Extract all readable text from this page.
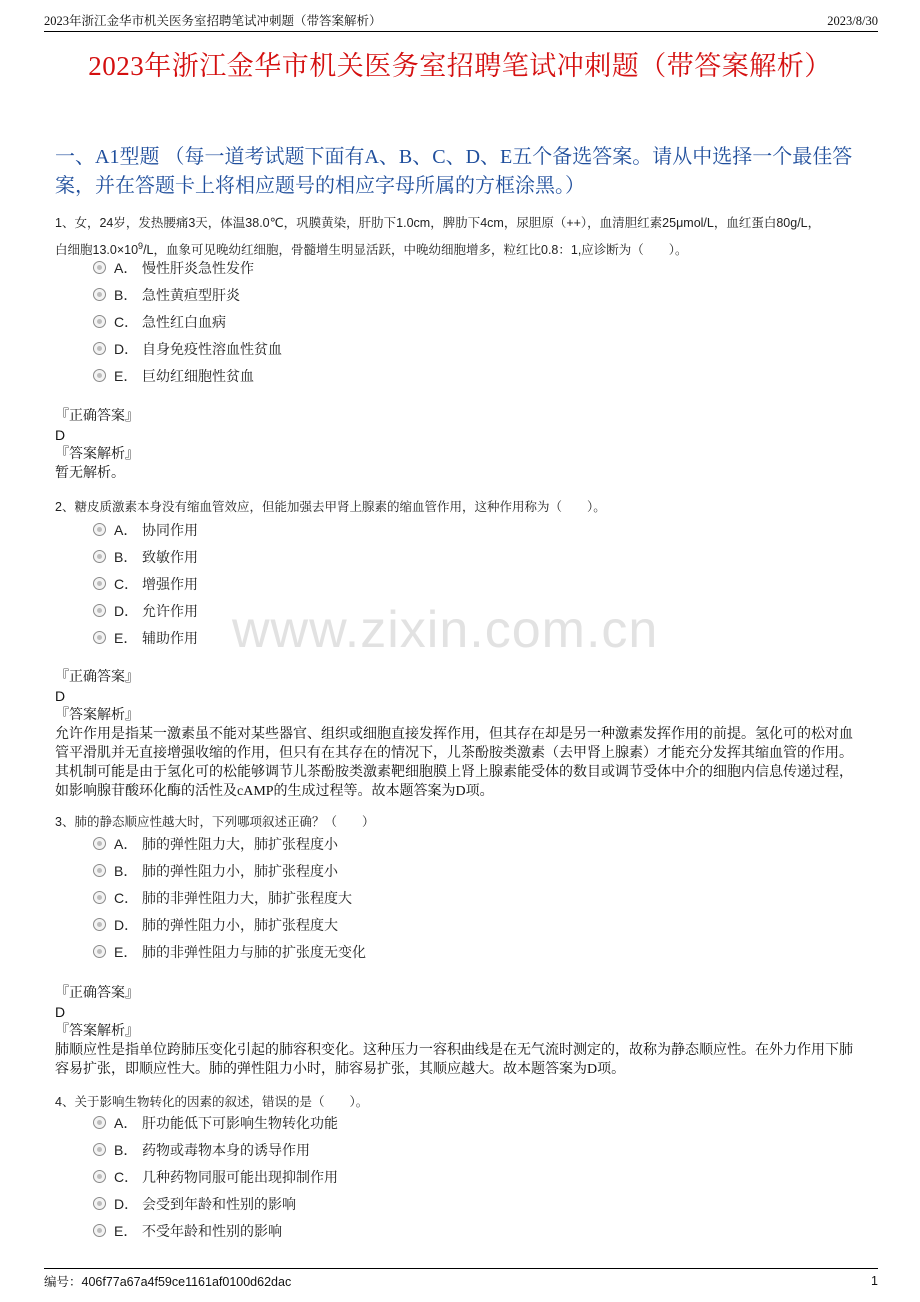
2023年浙江金华市机关医务室招聘笔试冲刺题（带答案解析）	2023/8/30
2023年浙江金华市机关医务室招聘笔试冲刺题（带答案解析）
一、A1型题 （每一道考试题下面有A、B、C、D、E五个备选答案。请从中选择一个最佳答案，并在答题卡上将相应题号的相应字母所属的方框涂黑。）
www.zixin.com.cn
1、女，24岁，发热腰痛3天，体温38.0℃，巩膜黄染，肝肋下1.0cm，脾肋下4cm，尿胆原（++），血清胆红素25μmol/L，血红蛋白80g/L，
白细胞$13.0\times 10^9/L$，血象可见晚幼红细胞，骨髓增生明显活跃，中晚幼细胞增多，粒红比0.8：1,应诊断为（　　）。
A． 慢性肝炎急性发作
B． 急性黄疸型肝炎
C． 急性红白血病
D． 自身免疫性溶血性贫血
E． 巨幼红细胞性贫血
『正确答案』
D
『答案解析』
暂无解析。
2、糖皮质激素本身没有缩血管效应，但能加强去甲肾上腺素的缩血管作用，这种作用称为（　　）。
A． 协同作用
B． 致敏作用
C． 增强作用
D． 允许作用
E． 辅助作用
『正确答案』
D
『答案解析』
允许作用是指某一激素虽不能对某些器官、组织或细胞直接发挥作用，但其存在却是另一种激素发挥作用的前提。氢化可的松对血管平滑肌并无直接增强收缩的作用，但只有在其存在的情况下，儿茶酚胺类激素（去甲肾上腺素）才能充分发挥其缩血管的作用。其机制可能是由于氢化可的松能够调节儿茶酚胺类激素靶细胞膜上肾上腺素能受体的数目或调节受体中介的细胞内信息传递过程，如影响腺苷酸环化酶的活性及cAMP的生成过程等。故本题答案为D项。
3、肺的静态顺应性越大时，下列哪项叙述正确？（　　）
A． 肺的弹性阻力大，肺扩张程度小
B． 肺的弹性阻力小，肺扩张程度小
C． 肺的非弹性阻力大，肺扩张程度大
D． 肺的弹性阻力小，肺扩张程度大
E． 肺的非弹性阻力与肺的扩张度无变化
『正确答案』
D
『答案解析』
肺顺应性是指单位跨肺压变化引起的肺容积变化。这种压力一容积曲线是在无气流时测定的，故称为静态顺应性。在外力作用下肺容易扩张，即顺应性大。肺的弹性阻力小时，肺容易扩张，其顺应越大。故本题答案为D项。
4、关于影响生物转化的因素的叙述，错误的是（　　）。
A． 肝功能低下可影响生物转化功能
B． 药物或毒物本身的诱导作用
C． 几种药物同服可能出现抑制作用
D． 会受到年龄和性别的影响
E． 不受年龄和性别的影响
编号：406f77a67a4f59ce1161af0100d62dac	1
